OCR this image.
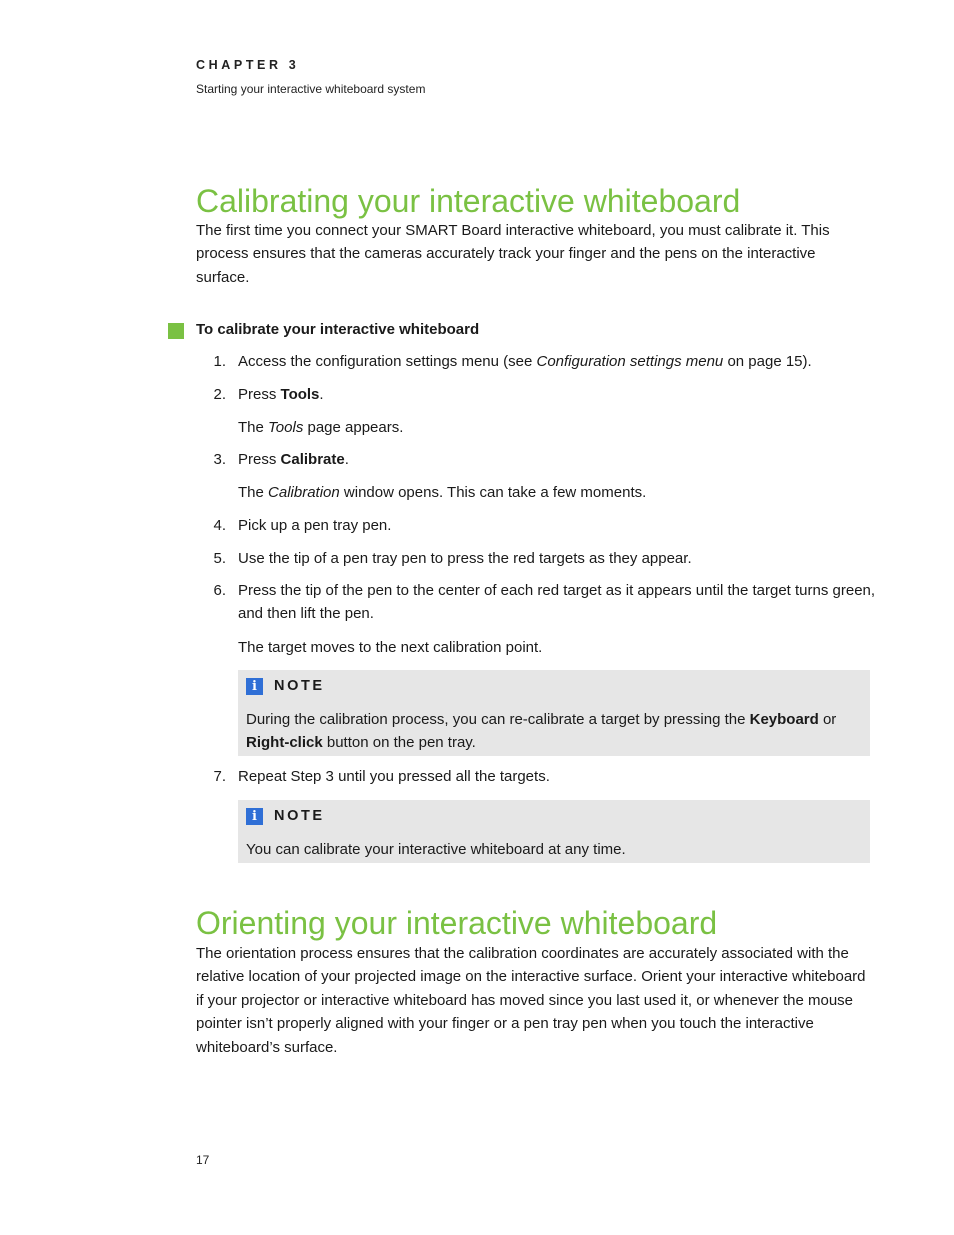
CHAPTER 3
Starting your interactive whiteboard system
Calibrating your interactive whiteboard
The first time you connect your SMART Board interactive whiteboard, you must calibrate it. This
process ensures that the cameras accurately track your finger and the pens on the interactive
surface.
To calibrate your interactive whiteboard
1. Access the configuration settings menu (see Configuration settings menu on page 15).
2. Press Tools.
The Tools page appears.
3. Press Calibrate.
The Calibration window opens. This can take a few moments.
4. Pick up a pen tray pen.
5. Use the tip of a pen tray pen to press the red targets as they appear.
6. Press the tip of the pen to the center of each red target as it appears until the target turns green,
and then lift the pen.
The target moves to the next calibration point.
i	NOTE
During the calibration process, you can re-calibrate a target by pressing the Keyboard or
Right-click button on the pen tray.
7. Repeat Step 3 until you pressed all the targets.
i	NOTE
You can calibrate your interactive whiteboard at any time.
Orienting your interactive whiteboard
The orientation process ensures that the calibration coordinates are accurately associated with the
relative location of your projected image on the interactive surface. Orient your interactive whiteboard
if your projector or interactive whiteboard has moved since you last used it, or whenever the mouse
pointer isn’t properly aligned with your finger or a pen tray pen when you touch the interactive
whiteboard’s surface.
17
